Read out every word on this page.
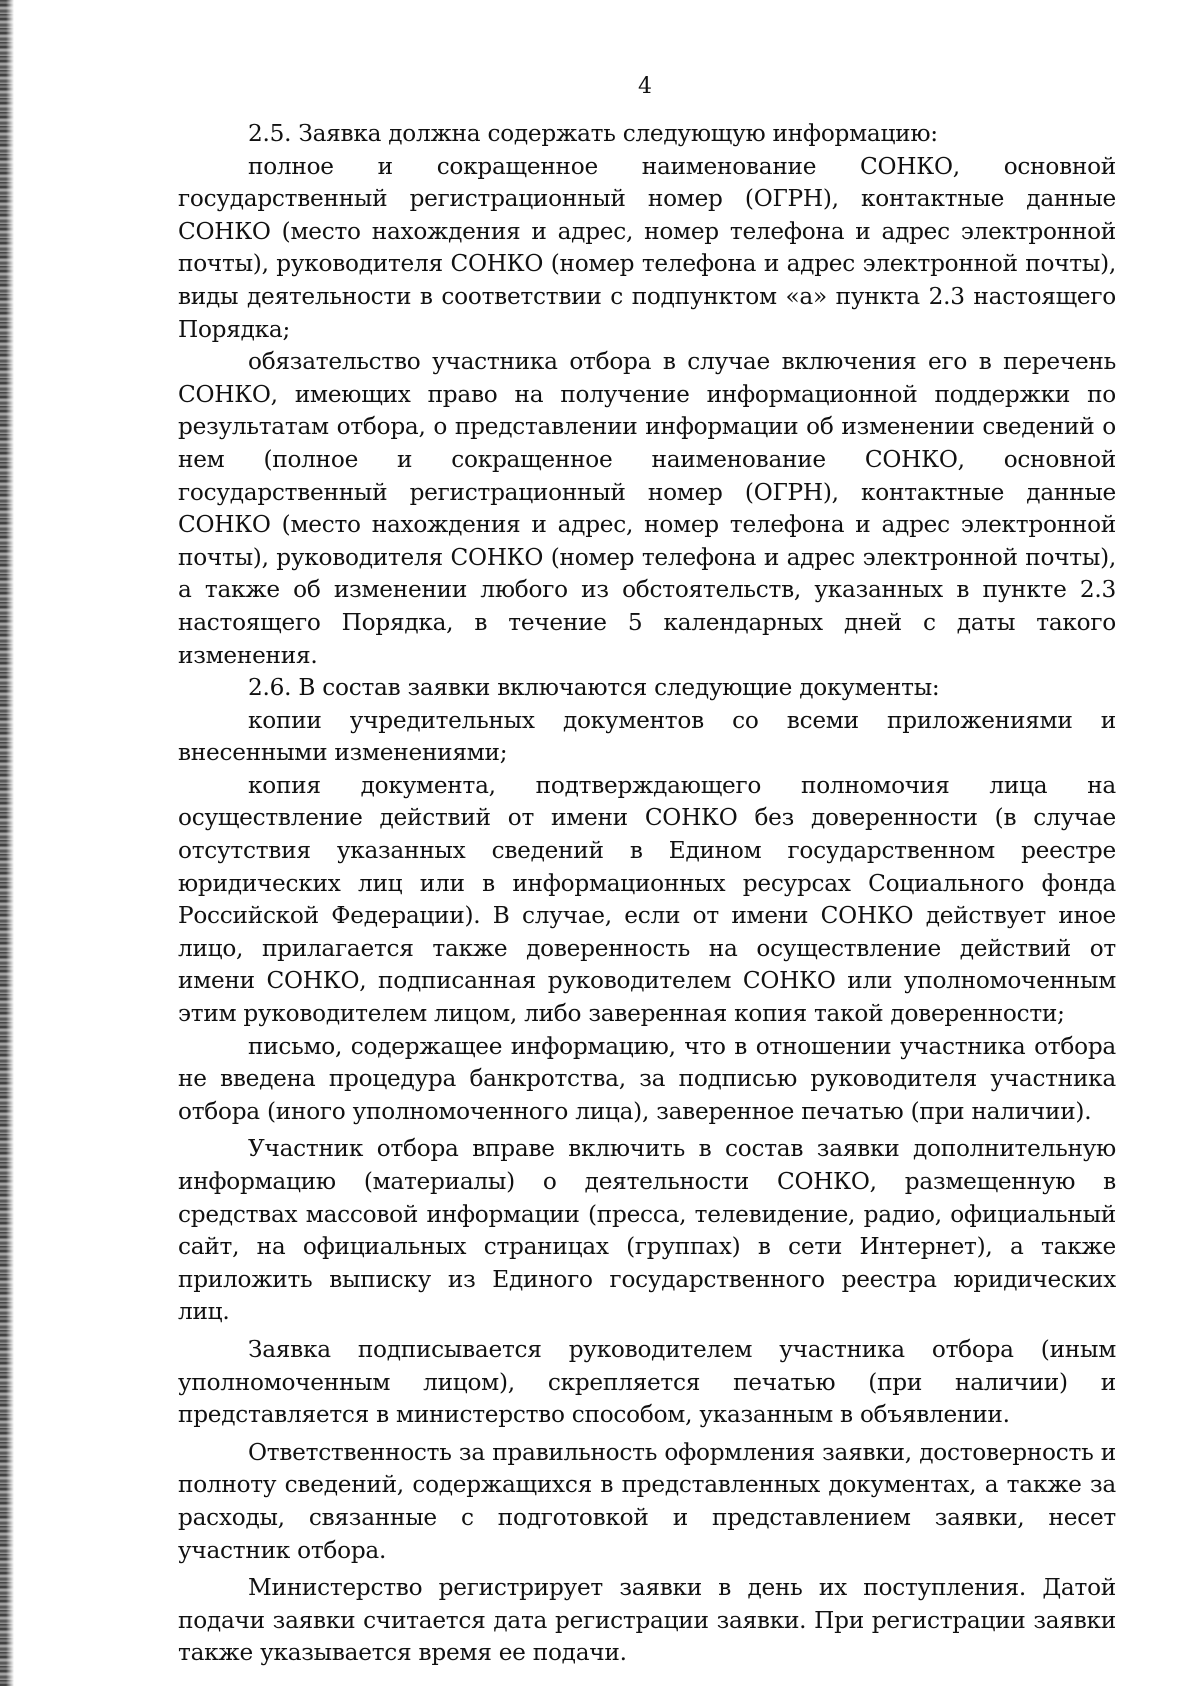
4

2.5. Заявка должна содержать следующую информацию:

полное и сокращенное наименование СОНКО, основной государственный регистрационный номер (ОГРН), контактные данные СОНКО (место нахождения и адрес, номер телефона и адрес электронной почты), руководителя СОНКО (номер телефона и адрес электронной почты), виды деятельности в соответствии с подпунктом «а» пункта 2.3 настоящего Порядка;

обязательство участника отбора в случае включения его в перечень СОНКО, имеющих право на получение информационной поддержки по результатам отбора, о представлении информации об изменении сведений о нем (полное и сокращенное наименование СОНКО, основной государственный регистрационный номер (ОГРН), контактные данные СОНКО (место нахождения и адрес, номер телефона и адрес электронной почты), руководителя СОНКО (номер телефона и адрес электронной почты), а также об изменении любого из обстоятельств, указанных в пункте 2.3 настоящего Порядка, в течение 5 календарных дней с даты такого изменения.

2.6. В состав заявки включаются следующие документы:

копии учредительных документов со всеми приложениями и внесенными изменениями;

копия документа, подтверждающего полномочия лица на осуществление действий от имени СОНКО без доверенности (в случае отсутствия указанных сведений в Едином государственном реестре юридических лиц или в информационных ресурсах Социального фонда Российской Федерации). В случае, если от имени СОНКО действует иное лицо, прилагается также доверенность на осуществление действий от имени СОНКО, подписанная руководителем СОНКО или уполномоченным этим руководителем лицом, либо заверенная копия такой доверенности;

письмо, содержащее информацию, что в отношении участника отбора не введена процедура банкротства, за подписью руководителя участника отбора (иного уполномоченного лица), заверенное печатью (при наличии).

Участник отбора вправе включить в состав заявки дополнительную информацию (материалы) о деятельности СОНКО, размещенную в средствах массовой информации (пресса, телевидение, радио, официальный сайт, на официальных страницах (группах) в сети Интернет), а также приложить выписку из Единого государственного реестра юридических лиц.

Заявка подписывается руководителем участника отбора (иным уполномоченным лицом), скрепляется печатью (при наличии) и представляется в министерство способом, указанным в объявлении.

Ответственность за правильность оформления заявки, достоверность и полноту сведений, содержащихся в представленных документах, а также за расходы, связанные с подготовкой и представлением заявки, несет участник отбора.

Министерство регистрирует заявки в день их поступления. Датой подачи заявки считается дата регистрации заявки. При регистрации заявки также указывается время ее подачи.
